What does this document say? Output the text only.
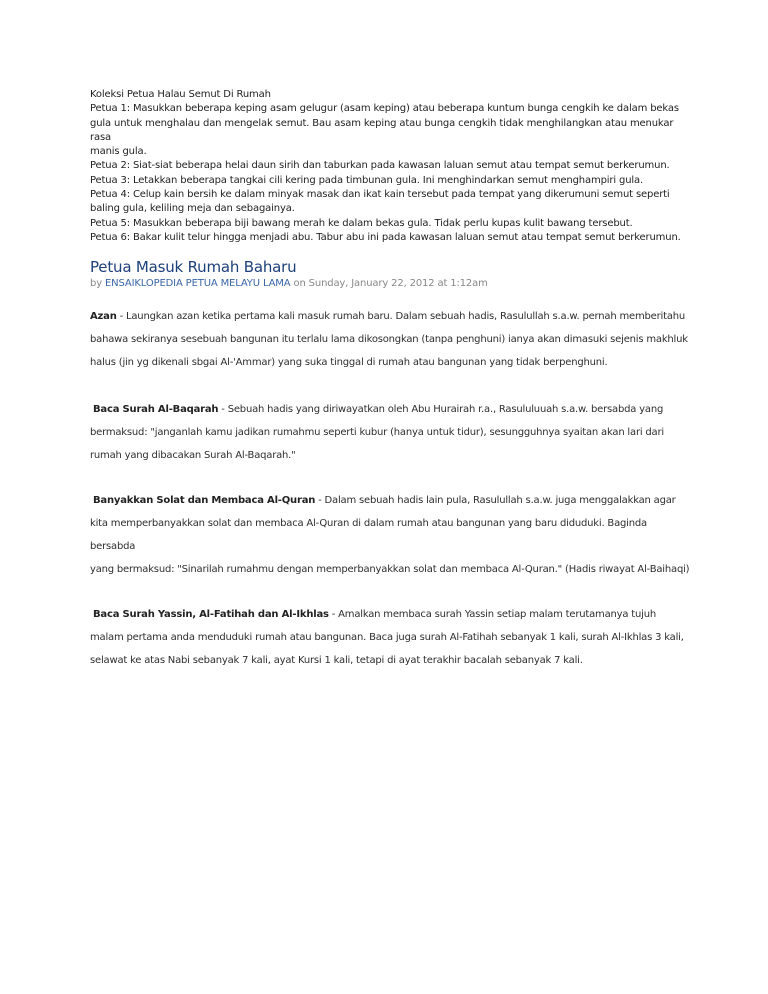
Koleksi Petua Halau Semut Di Rumah
Petua 1: Masukkan beberapa keping asam gelugur (asam keping) atau beberapa kuntum bunga cengkih ke dalam bekas
gula untuk menghalau dan mengelak semut. Bau asam keping atau bunga cengkih tidak menghilangkan atau menukar rasa
manis gula.
Petua 2: Siat-siat beberapa helai daun sirih dan taburkan pada kawasan laluan semut atau tempat semut berkerumun.
Petua 3: Letakkan beberapa tangkai cili kering pada timbunan gula. Ini menghindarkan semut menghampiri gula.
Petua 4: Celup kain bersih ke dalam minyak masak dan ikat kain tersebut pada tempat yang dikerumuni semut seperti
baling gula, keliling meja dan sebagainya.
Petua 5: Masukkan beberapa biji bawang merah ke dalam bekas gula. Tidak perlu kupas kulit bawang tersebut.
Petua 6: Bakar kulit telur hingga menjadi abu. Tabur abu ini pada kawasan laluan semut atau tempat semut berkerumun.
Petua Masuk Rumah Baharu
by ENSAIKLOPEDIA PETUA MELAYU LAMA on Sunday, January 22, 2012 at 1:12am
Azan - Laungkan azan ketika pertama kali masuk rumah baru. Dalam sebuah hadis, Rasulullah s.a.w. pernah memberitahu
bahawa sekiranya sesebuah bangunan itu terlalu lama dikosongkan (tanpa penghuni) ianya akan dimasuki sejenis makhluk
halus (jin yg dikenali sbgai Al-'Ammar) yang suka tinggal di rumah atau bangunan yang tidak berpenghuni.
Baca Surah Al-Baqarah - Sebuah hadis yang diriwayatkan oleh Abu Hurairah r.a., Rasululuuah s.a.w. bersabda yang
bermaksud: "janganlah kamu jadikan rumahmu seperti kubur (hanya untuk tidur), sesungguhnya syaitan akan lari dari
rumah yang dibacakan Surah Al-Baqarah."
Banyakkan Solat dan Membaca Al-Quran - Dalam sebuah hadis lain pula, Rasulullah s.a.w. juga menggalakkan agar
kita memperbanyakkan solat dan membaca Al-Quran di dalam rumah atau bangunan yang baru diduduki. Baginda bersabda
yang bermaksud: "Sinarilah rumahmu dengan memperbanyakkan solat dan membaca Al-Quran." (Hadis riwayat Al-Baihaqi)
Baca Surah Yassin, Al-Fatihah dan Al-Ikhlas - Amalkan membaca surah Yassin setiap malam terutamanya tujuh
malam pertama anda menduduki rumah atau bangunan. Baca juga surah Al-Fatihah sebanyak 1 kali, surah Al-Ikhlas 3 kali,
selawat ke atas Nabi sebanyak 7 kali, ayat Kursi 1 kali, tetapi di ayat terakhir bacalah sebanyak 7 kali.
